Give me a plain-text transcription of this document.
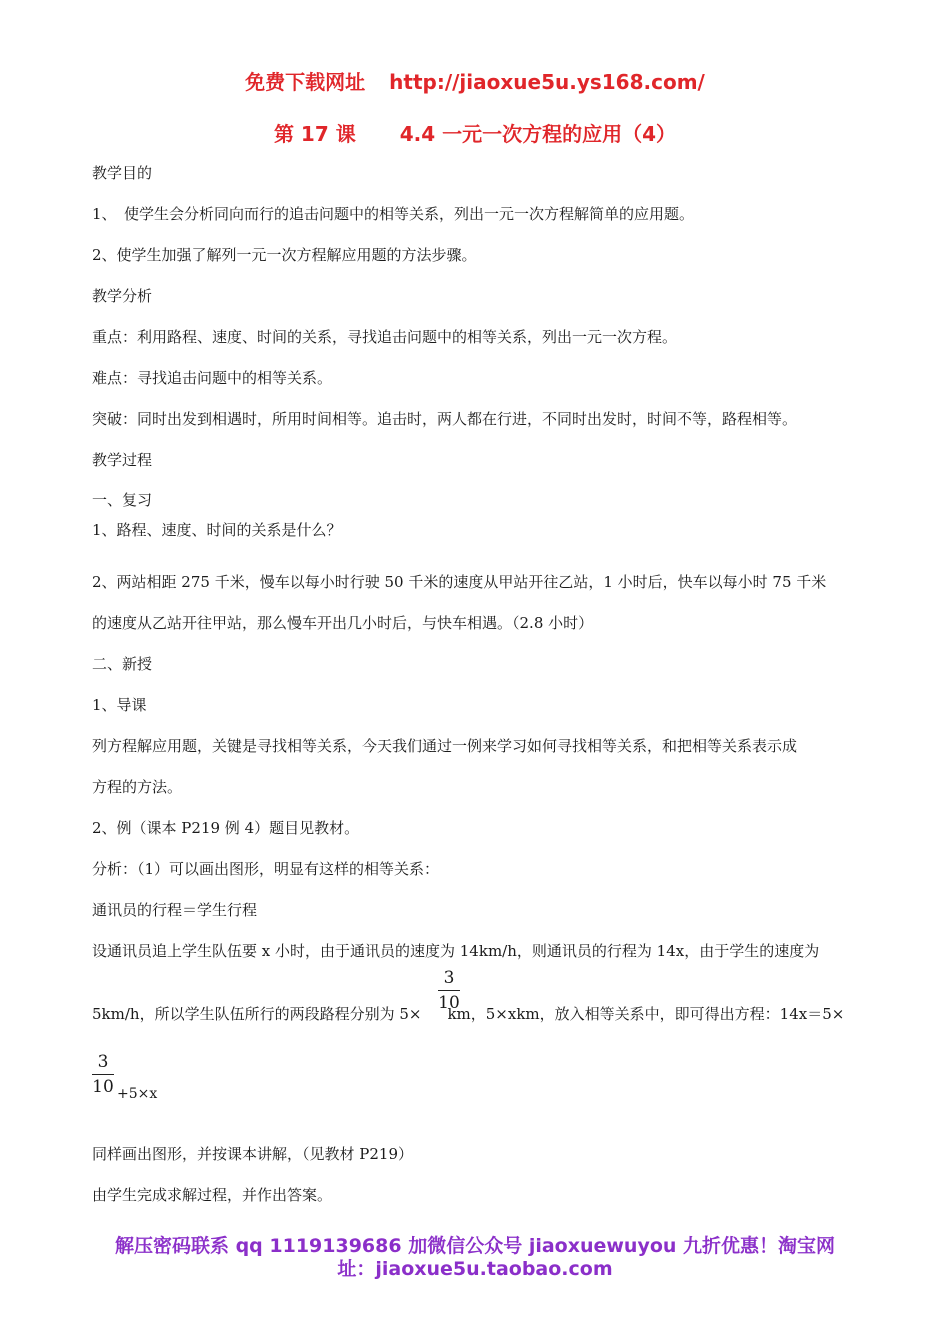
免费下载网址 http://jiaoxue5u.ys168.com/
第 17 课 4.4 一元一次方程的应用（4）
教学目的
1、　使学生会分析同向而行的追击问题中的相等关系，列出一元一次方程解简单的应用题。
2、使学生加强了解列一元一次方程解应用题的方法步骤。
教学分析
重点：利用路程、速度、时间的关系，寻找追击问题中的相等关系，列出一元一次方程。
难点：寻找追击问题中的相等关系。
突破：同时出发到相遇时，所用时间相等。追击时，两人都在行进，不同时出发时，时间不等，路程相等。
教学过程
一、复习
1、路程、速度、时间的关系是什么？
2、两站相距 275 千米，慢车以每小时行驶 50 千米的速度从甲站开往乙站，1 小时后，快车以每小时 75 千米
的速度从乙站开往甲站，那么慢车开出几小时后，与快车相遇。（2.8 小时）
二、新授
1、导课
列方程解应用题，关键是寻找相等关系，今天我们通过一例来学习如何寻找相等关系，和把相等关系表示成
方程的方法。
2、例（课本 P219 例 4）题目见教材。
分析：（1）可以画出图形，明显有这样的相等关系：
通讯员的行程＝学生行程
设通讯员追上学生队伍要 x 小时，由于通讯员的速度为 14km/h，则通讯员的行程为 14x，由于学生的速度为
5km/h，所以学生队伍所行的两段路程分别为 5× km，5×xkm，放入相等关系中，即可得出方程：14x＝5×
$\frac{3}{10}$
$\frac{3}{10} +5\times x$
同样画出图形，并按课本讲解，（见教材 P219）
由学生完成求解过程，并作出答案。
解压密码联系 qq 1119139686 加微信公众号 jiaoxuewuyou 九折优惠！淘宝网
址：jiaoxue5u.taobao.com
